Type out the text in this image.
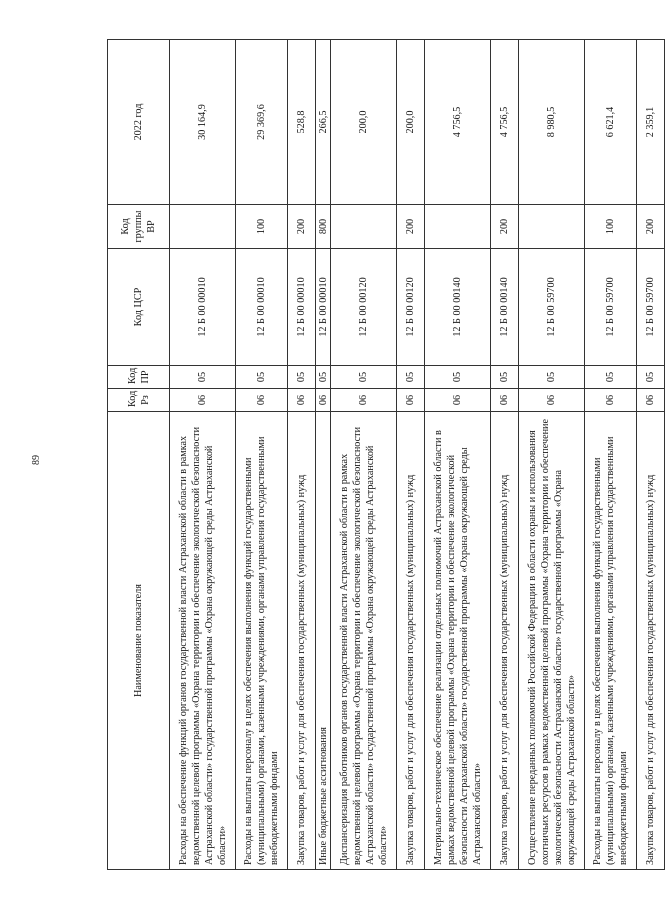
89
Наименование показателя	Код Рз	Код ПР	Код ЦСР	Код группы ВР	2022 год
Расходы на обеспечение функций органов государственной власти Астраханской области в рамках ведомственной целевой программы «Охрана территории и обеспечение экологической безопасности Астраханской области» государственной программы «Охрана окружающей среды Астраханской области»	06	05	12 Б 00 00010		30 164,9
Расходы на выплаты персоналу в целях обеспечения выполнения функций государственными (муниципальными) органами, казенными учреждениями, органами управления государственными внебюджетными фондами	06	05	12 Б 00 00010	100	29 369,6
Закупка товаров, работ и услуг для обеспечения государственных (муниципальных) нужд	06	05	12 Б 00 00010	200	528,8
Иные бюджетные ассигнования	06	05	12 Б 00 00010	800	266,5
Диспансеризация работников органов государственной власти Астраханской области в рамках ведомственной целевой программы «Охрана территории и обеспечение экологической безопасности Астраханской области» государственной программы «Охрана окружающей среды Астраханской области»	06	05	12 Б 00 00120		200,0
Закупка товаров, работ и услуг для обеспечения государственных (муниципальных) нужд	06	05	12 Б 00 00120	200	200,0
Материально-техническое обеспечение реализации отдельных полномочий Астраханской области в рамках ведомственной целевой программы «Охрана территории и обеспечение экологической безопасности Астраханской области» государственной программы «Охрана окружающей среды Астраханской области»	06	05	12 Б 00 00140		4 756,5
Закупка товаров, работ и услуг для обеспечения государственных (муниципальных) нужд	06	05	12 Б 00 00140	200	4 756,5
Осуществление переданных полномочий Российской Федерации в области охраны и использования охотничьих ресурсов в рамках ведомственной целевой программы «Охрана территории и обеспечение экологической безопасности Астраханской области» государственной программы «Охрана окружающей среды Астраханской области»	06	05	12 Б 00 59700		8 980,5
Расходы на выплаты персоналу в целях обеспечения выполнения функций государственными (муниципальными) органами, казенными учреждениями, органами управления государственными внебюджетными фондами	06	05	12 Б 00 59700	100	6 621,4
Закупка товаров, работ и услуг для обеспечения государственных (муниципальных) нужд	06	05	12 Б 00 59700	200	2 359,1
